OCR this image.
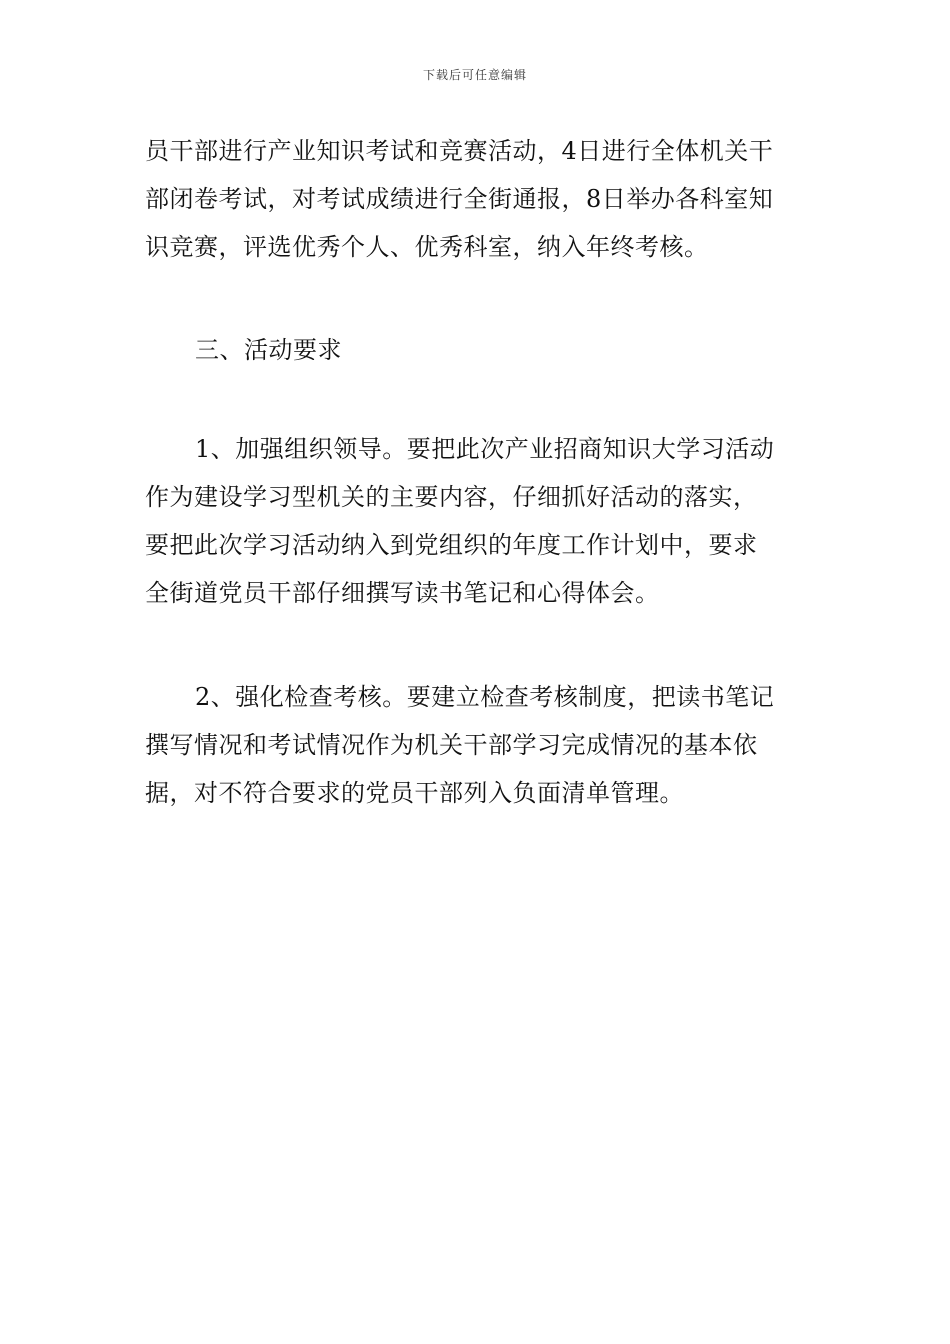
下载后可任意编辑
员干部进行产业知识考试和竞赛活动，4日进行全体机关干
部闭卷考试，对考试成绩进行全街通报，8日举办各科室知
识竞赛，评选优秀个人、优秀科室，纳入年终考核。
三、活动要求
1、加强组织领导。要把此次产业招商知识大学习活动
作为建设学习型机关的主要内容，仔细抓好活动的落实，
要把此次学习活动纳入到党组织的年度工作计划中，要求
全街道党员干部仔细撰写读书笔记和心得体会。
2、强化检查考核。要建立检查考核制度，把读书笔记
撰写情况和考试情况作为机关干部学习完成情况的基本依
据，对不符合要求的党员干部列入负面清单管理。
